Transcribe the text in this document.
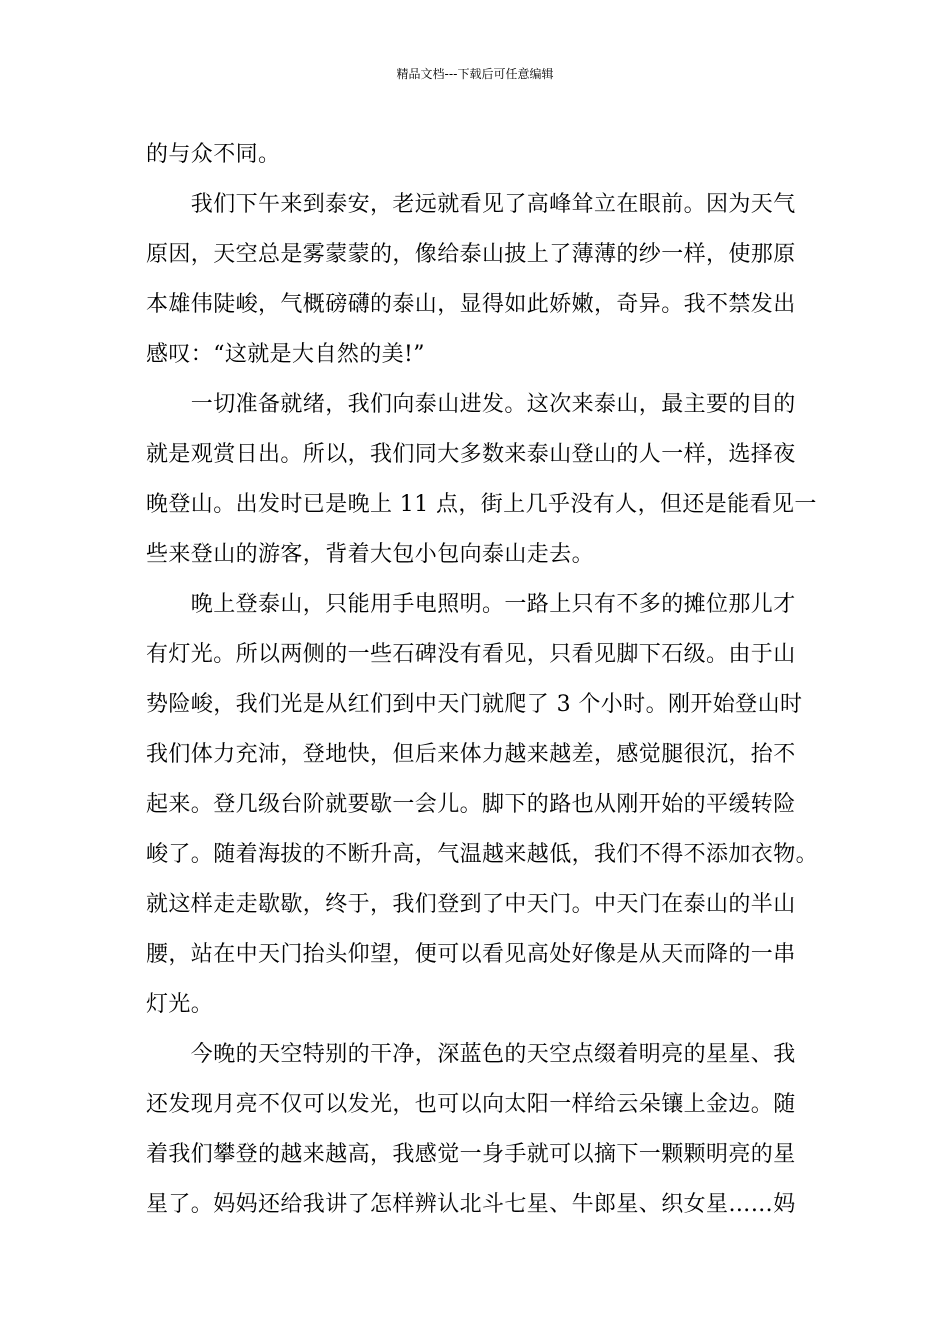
精品文档---下载后可任意编辑
的与众不同。
　　我们下午来到泰安，老远就看见了高峰耸立在眼前。因为天气
原因，天空总是雾蒙蒙的，像给泰山披上了薄薄的纱一样，使那原
本雄伟陡峻，气概磅礴的泰山，显得如此娇嫩，奇异。我不禁发出
感叹：“这就是大自然的美!”
　　一切准备就绪，我们向泰山进发。这次来泰山，最主要的目的
就是观赏日出。所以，我们同大多数来泰山登山的人一样，选择夜
晚登山。出发时已是晚上 11 点，街上几乎没有人，但还是能看见一
些来登山的游客，背着大包小包向泰山走去。
　　晚上登泰山，只能用手电照明。一路上只有不多的摊位那儿才
有灯光。所以两侧的一些石碑没有看见，只看见脚下石级。由于山
势险峻，我们光是从红们到中天门就爬了 3 个小时。刚开始登山时
我们体力充沛，登地快，但后来体力越来越差，感觉腿很沉，抬不
起来。登几级台阶就要歇一会儿。脚下的路也从刚开始的平缓转险
峻了。随着海拔的不断升高，气温越来越低，我们不得不添加衣物。
就这样走走歇歇，终于，我们登到了中天门。中天门在泰山的半山
腰，站在中天门抬头仰望，便可以看见高处好像是从天而降的一串
灯光。
　　今晚的天空特别的干净，深蓝色的天空点缀着明亮的星星、我
还发现月亮不仅可以发光，也可以向太阳一样给云朵镶上金边。随
着我们攀登的越来越高，我感觉一身手就可以摘下一颗颗明亮的星
星了。妈妈还给我讲了怎样辨认北斗七星、牛郎星、织女星……妈
